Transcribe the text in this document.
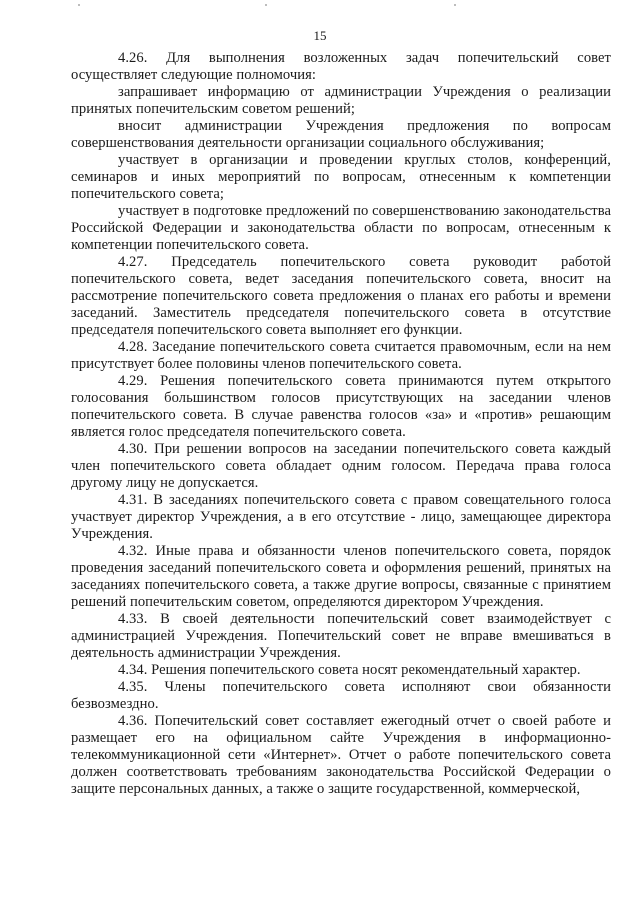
15

4.26. Для выполнения возложенных задач попечительский совет осуществляет следующие полномочия:

запрашивает информацию от администрации Учреждения о реализации принятых попечительским советом решений;

вносит администрации Учреждения предложения по вопросам совершенствования деятельности организации социального обслуживания;

участвует в организации и проведении круглых столов, конференций, семинаров и иных мероприятий по вопросам, отнесенным к компетенции попечительского совета;

участвует в подготовке предложений по совершенствованию законодательства Российской Федерации и законодательства области по вопросам, отнесенным к компетенции попечительского совета.

4.27. Председатель попечительского совета руководит работой попечительского совета, ведет заседания попечительского совета, вносит на рассмотрение попечительского совета предложения о планах его работы и времени заседаний. Заместитель председателя попечительского совета в отсутствие председателя попечительского совета выполняет его функции.

4.28. Заседание попечительского совета считается правомочным, если на нем присутствует более половины членов попечительского совета.

4.29. Решения попечительского совета принимаются путем открытого голосования большинством голосов присутствующих на заседании членов попечительского совета. В случае равенства голосов «за» и «против» решающим является голос председателя попечительского совета.

4.30. При решении вопросов на заседании попечительского совета каждый член попечительского совета обладает одним голосом. Передача права голоса другому лицу не допускается.

4.31. В заседаниях попечительского совета с правом совещательного голоса участвует директор Учреждения, а в его отсутствие - лицо, замещающее директора Учреждения.

4.32. Иные права и обязанности членов попечительского совета, порядок проведения заседаний попечительского совета и оформления решений, принятых на заседаниях попечительского совета, а также другие вопросы, связанные с принятием решений попечительским советом, определяются директором Учреждения.

4.33. В своей деятельности попечительский совет взаимодействует с администрацией Учреждения. Попечительский совет не вправе вмешиваться в деятельность администрации Учреждения.

4.34. Решения попечительского совета носят рекомендательный характер.

4.35. Члены попечительского совета исполняют свои обязанности безвозмездно.

4.36. Попечительский совет составляет ежегодный отчет о своей работе и размещает его на официальном сайте Учреждения в информационно-телекоммуникационной сети «Интернет». Отчет о работе попечительского совета должен соответствовать требованиям законодательства Российской Федерации о защите персональных данных, а также о защите государственной, коммерческой,
